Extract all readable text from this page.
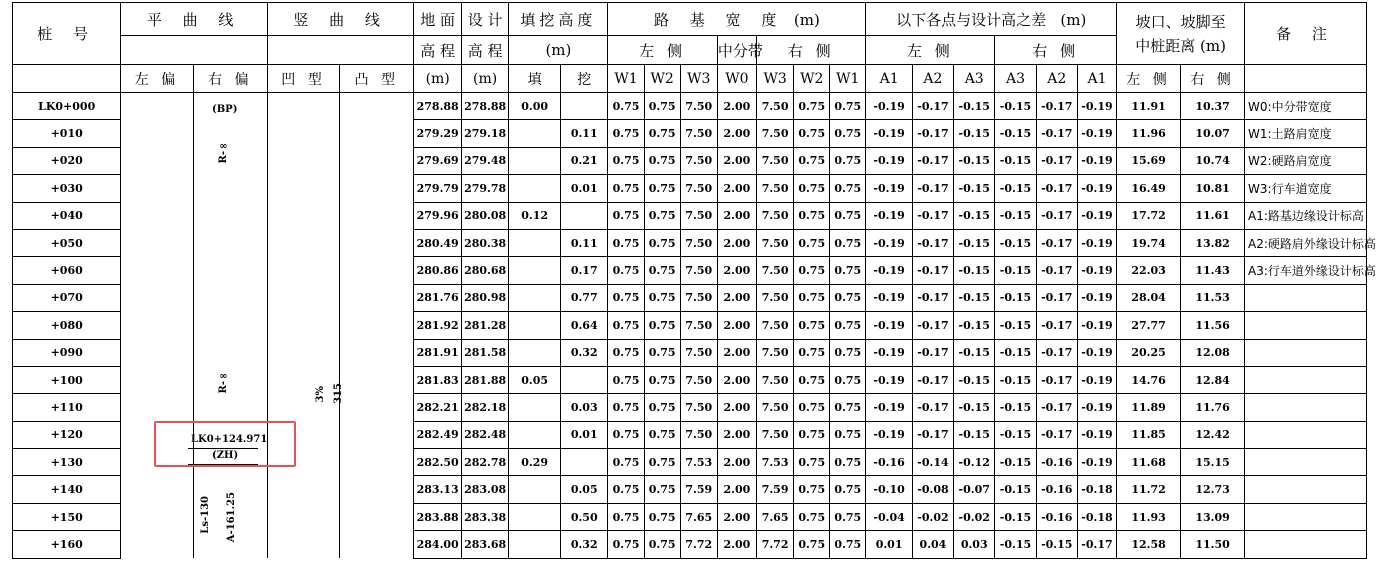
桩 号	平 曲 线		竖 曲 线		地 面	设 计	填挖高度		路 基 宽 度 (m)							以下各点与设计高之差 (m)						坡口、坡脚至
中桩距离 (m)		备 注
					高 程	高 程	(m)		左 侧			中分带	右 侧			左 侧			右 侧					
	左 偏	右 偏	凹 型	凸 型	(m)	(m)	填	挖	W1	W2	W3	W0	W3	W2	W1	A1	A2	A3	A3	A2	A1	左 侧	右 侧	
LK0+000					278.88	278.88	0.00		0.75	0.75	7.50	2.00	7.50	0.75	0.75	-0.19	-0.17	-0.15	-0.15	-0.17	-0.19	11.91	10.37	W0:中分带宽度
+010					279.29	279.18		0.11	0.75	0.75	7.50	2.00	7.50	0.75	0.75	-0.19	-0.17	-0.15	-0.15	-0.17	-0.19	11.96	10.07	W1:土路肩宽度
+020					279.69	279.48		0.21	0.75	0.75	7.50	2.00	7.50	0.75	0.75	-0.19	-0.17	-0.15	-0.15	-0.17	-0.19	15.69	10.74	W2:硬路肩宽度
+030					279.79	279.78		0.01	0.75	0.75	7.50	2.00	7.50	0.75	0.75	-0.19	-0.17	-0.15	-0.15	-0.17	-0.19	16.49	10.81	W3:行车道宽度
+040					279.96	280.08	0.12		0.75	0.75	7.50	2.00	7.50	0.75	0.75	-0.19	-0.17	-0.15	-0.15	-0.17	-0.19	17.72	11.61	A1:路基边缘设计标高
+050					280.49	280.38		0.11	0.75	0.75	7.50	2.00	7.50	0.75	0.75	-0.19	-0.17	-0.15	-0.15	-0.17	-0.19	19.74	13.82	A2:硬路肩外缘设计标高
+060					280.86	280.68		0.17	0.75	0.75	7.50	2.00	7.50	0.75	0.75	-0.19	-0.17	-0.15	-0.15	-0.17	-0.19	22.03	11.43	A3:行车道外缘设计标高
+070					281.76	280.98		0.77	0.75	0.75	7.50	2.00	7.50	0.75	0.75	-0.19	-0.17	-0.15	-0.15	-0.17	-0.19	28.04	11.53	
+080					281.92	281.28		0.64	0.75	0.75	7.50	2.00	7.50	0.75	0.75	-0.19	-0.17	-0.15	-0.15	-0.17	-0.19	27.77	11.56	
+090					281.91	281.58		0.32	0.75	0.75	7.50	2.00	7.50	0.75	0.75	-0.19	-0.17	-0.15	-0.15	-0.17	-0.19	20.25	12.08	
+100					281.83	281.88	0.05		0.75	0.75	7.50	2.00	7.50	0.75	0.75	-0.19	-0.17	-0.15	-0.15	-0.17	-0.19	14.76	12.84	
+110					282.21	282.18		0.03	0.75	0.75	7.50	2.00	7.50	0.75	0.75	-0.19	-0.17	-0.15	-0.15	-0.17	-0.19	11.89	11.76	
+120					282.49	282.48		0.01	0.75	0.75	7.50	2.00	7.50	0.75	0.75	-0.19	-0.17	-0.15	-0.15	-0.17	-0.19	11.85	12.42	
+130					282.50	282.78	0.29		0.75	0.75	7.53	2.00	7.53	0.75	0.75	-0.16	-0.14	-0.12	-0.15	-0.16	-0.19	11.68	15.15	
+140					283.13	283.08		0.05	0.75	0.75	7.59	2.00	7.59	0.75	0.75	-0.10	-0.08	-0.07	-0.15	-0.16	-0.18	11.72	12.73	
+150					283.88	283.38		0.50	0.75	0.75	7.65	2.00	7.65	0.75	0.75	-0.04	-0.02	-0.02	-0.15	-0.16	-0.18	11.93	13.09	
+160					284.00	283.68		0.32	0.75	0.75	7.72	2.00	7.72	0.75	0.75	0.01	0.04	0.03	-0.15	-0.15	-0.17	12.58	11.50	
(BP)
R-∞
R-∞
LK0+124.971
(ZH)
Ls-130 A-161.25
3% 315
